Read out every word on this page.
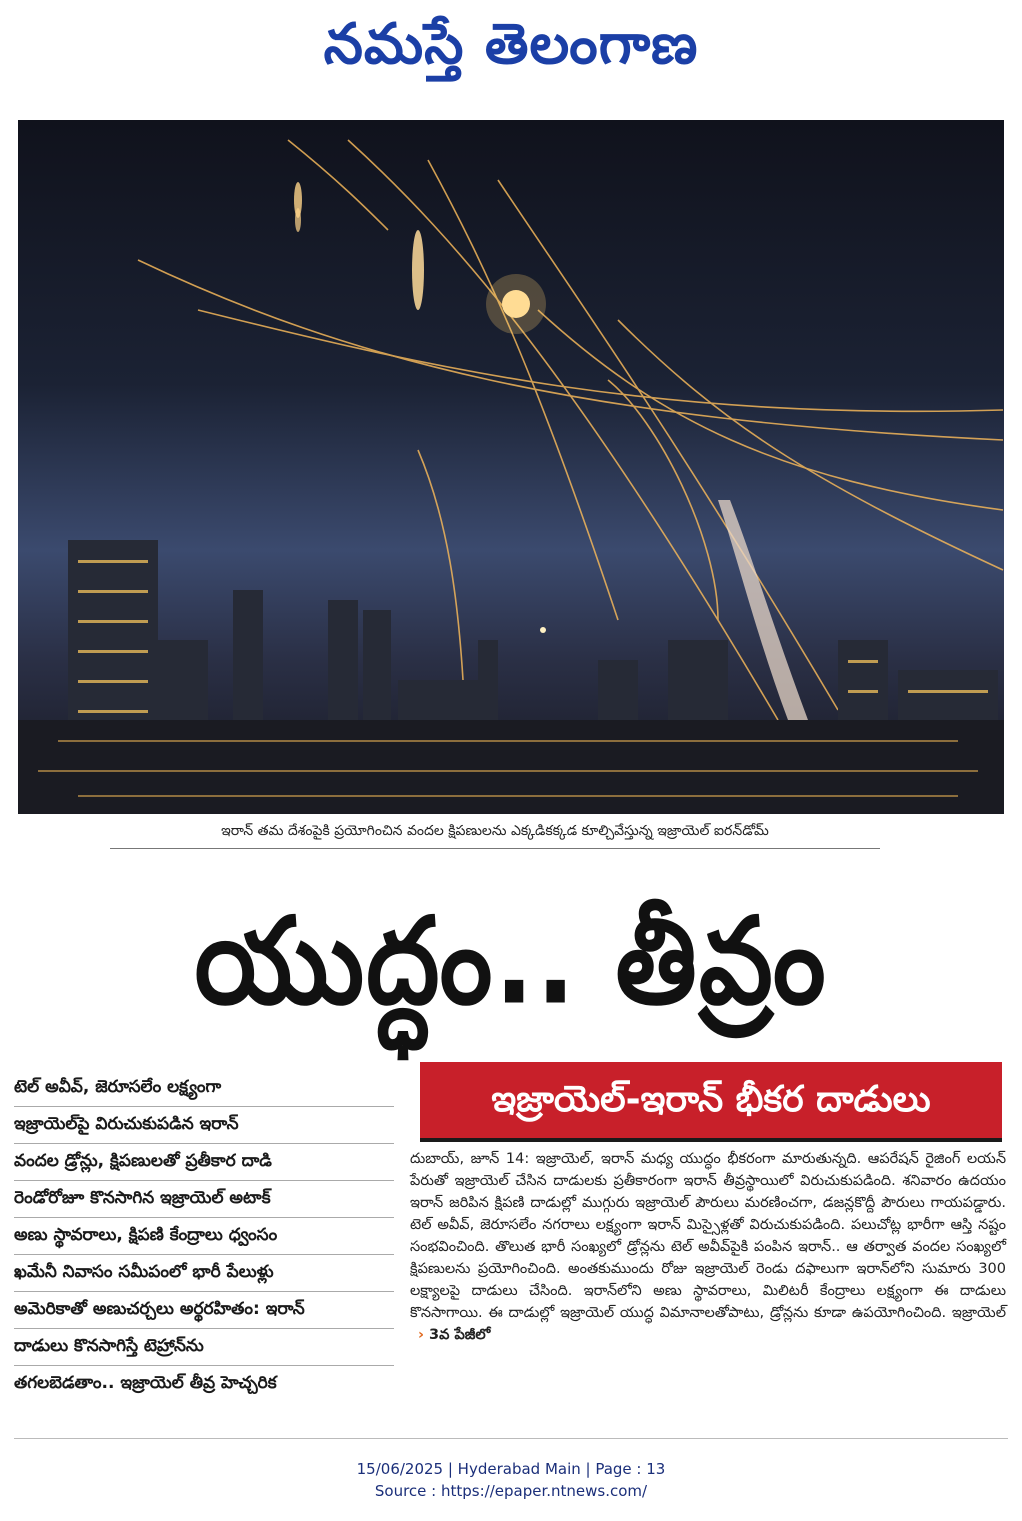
నమస్తే తెలంగాణ
ఇరాన్ తమ దేశంపైకి ప్రయోగించిన వందల క్షిపణులను ఎక్కడికక్కడ కూల్చివేస్తున్న ఇజ్రాయెల్ ఐరన్‌డోమ్
యుద్ధం.. తీవ్రం
ఇజ్రాయెల్-ఇరాన్ భీకర దాడులు
టెల్ అవీవ్, జెరూసలేం లక్ష్యంగా
ఇజ్రాయెల్‌పై విరుచుకుపడిన ఇరాన్
వందల డ్రోన్లు, క్షిపణులతో ప్రతీకార దాడి
రెండోరోజూ కొనసాగిన ఇజ్రాయెల్ అటాక్
అణు స్థావరాలు, క్షిపణి కేంద్రాలు ధ్వంసం
ఖమేనీ నివాసం సమీపంలో భారీ పేలుళ్లు
అమెరికాతో అణుచర్చలు అర్థరహితం: ఇరాన్
దాడులు కొనసాగిస్తే టెహ్రాన్‌ను
తగలబెడతాం.. ఇజ్రాయెల్ తీవ్ర హెచ్చరిక

దుబాయ్, జూన్ 14: ఇజ్రాయెల్, ఇరాన్ మధ్య యుద్ధం భీకరంగా మారుతున్నది. ఆపరేషన్ రైజింగ్ లయన్ పేరుతో ఇజ్రాయెల్ చేసిన దాడులకు ప్రతీకారంగా ఇరాన్ తీవ్రస్థాయిలో విరుచుకుపడింది. శనివారం ఉదయం ఇరాన్ జరిపిన క్షిపణి దాడుల్లో ముగ్గురు ఇజ్రాయెల్ పౌరులు మరణించగా, డజన్లకొద్దీ పౌరులు గాయపడ్డారు. టెల్ అవీవ్, జెరూసలేం నగరాలు లక్ష్యంగా ఇరాన్ మిస్సైళ్లతో విరుచుకుపడింది. పలుచోట్ల భారీగా ఆస్తి నష్టం సంభవించింది. తొలుత భారీ సంఖ్యలో డ్రోన్లను టెల్ అవీవ్‌పైకి పంపిన ఇరాన్.. ఆ తర్వాత వందల సంఖ్యలో క్షిపణులను ప్రయోగించింది. అంతకుముందు రోజు ఇజ్రాయెల్ రెండు దఫాలుగా ఇరాన్‌లోని సుమారు 300 లక్ష్యాలపై దాడులు చేసింది. ఇరాన్‌లోని అణు స్థావరాలు, మిలిటరీ కేంద్రాలు లక్ష్యంగా ఈ దాడులు కొనసాగాయి. ఈ దాడుల్లో ఇజ్రాయెల్ యుద్ధ విమానాలతోపాటు, డ్రోన్లను కూడా ఉపయోగించింది. ఇజ్రాయెల్ › 3వ పేజీలో

15/06/2025 | Hyderabad Main | Page : 13
Source : https://epaper.ntnews.com/
